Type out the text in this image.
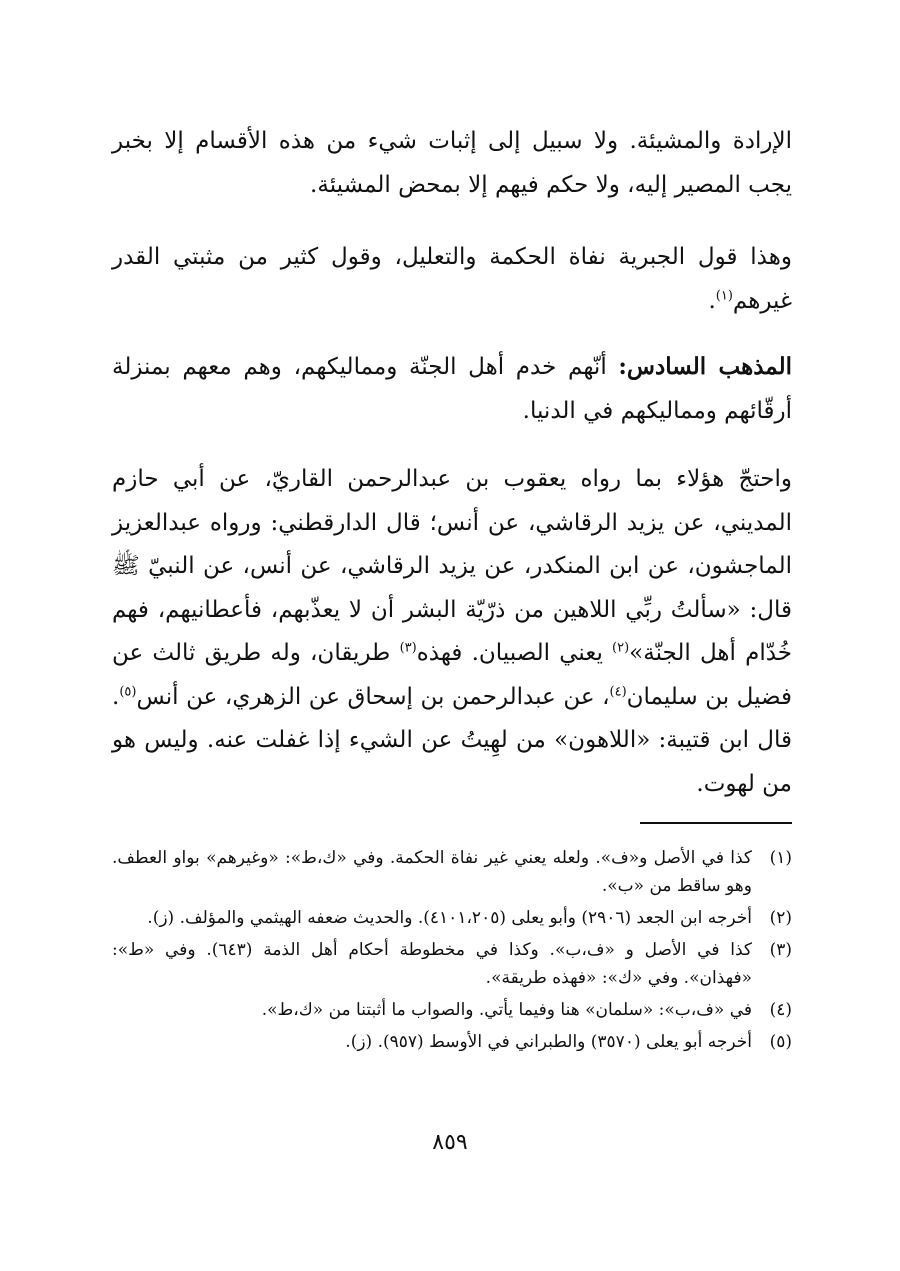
الإرادة والمشيئة. ولا سبيل إلى إثبات شيء من هذه الأقسام إلا بخبر يجب المصير إليه، ولا حكم فيهم إلا بمحض المشيئة.

وهذا قول الجبرية نفاة الحكمة والتعليل، وقول كثير من مثبتي القدر غيرهم$^{(١)}$.

المذهب السادس: أنّهم خدم أهل الجنّة ومماليكهم، وهم معهم بمنزلة أرقّائهم ومماليكهم في الدنيا.

واحتجّ هؤلاء بما رواه يعقوب بن عبدالرحمن القاريّ، عن أبي حازم المديني، عن يزيد الرقاشي، عن أنس؛ قال الدارقطني: ورواه عبدالعزيز الماجشون، عن ابن المنكدر، عن يزيد الرقاشي، عن أنس، عن النبيّ ﷺ قال: «سألتُ ربِّي اللاهين من ذرّيّة البشر أن لا يعذّبهم، فأعطانيهم، فهم خُدّام أهل الجنّة»$^{(٢)}$ يعني الصبيان. فهذه$^{(٣)}$ طريقان، وله طريق ثالث عن فضيل بن سليمان$^{(٤)}$، عن عبدالرحمن بن إسحاق عن الزهري، عن أنس$^{(٥)}$. قال ابن قتيبة: «اللاهون» من لهِيتُ عن الشيء إذا غفلت عنه. وليس هو من لهوت.

(١)
كذا في الأصل و«ف». ولعله يعني غير نفاة الحكمة. وفي «ك،ط»: «وغيرهم» بواو العطف. وهو ساقط من «ب».
(٢)
أخرجه ابن الجعد (٢٩٠٦) وأبو يعلى (٤١٠١،٢٠٥). والحديث ضعفه الهيثمي والمؤلف. (ز).
(٣)
كذا في الأصل و «ف،ب». وكذا في مخطوطة أحكام أهل الذمة (٦٤٣). وفي «ط»: «فهذان». وفي «ك»: «فهذه طريقة».
(٤)
في «ف،ب»: «سلمان» هنا وفيما يأتي. والصواب ما أثبتنا من «ك،ط».
(٥)
أخرجه أبو يعلى (٣٥٧٠) والطبراني في الأوسط (٩٥٧). (ز).
٨٥٩
